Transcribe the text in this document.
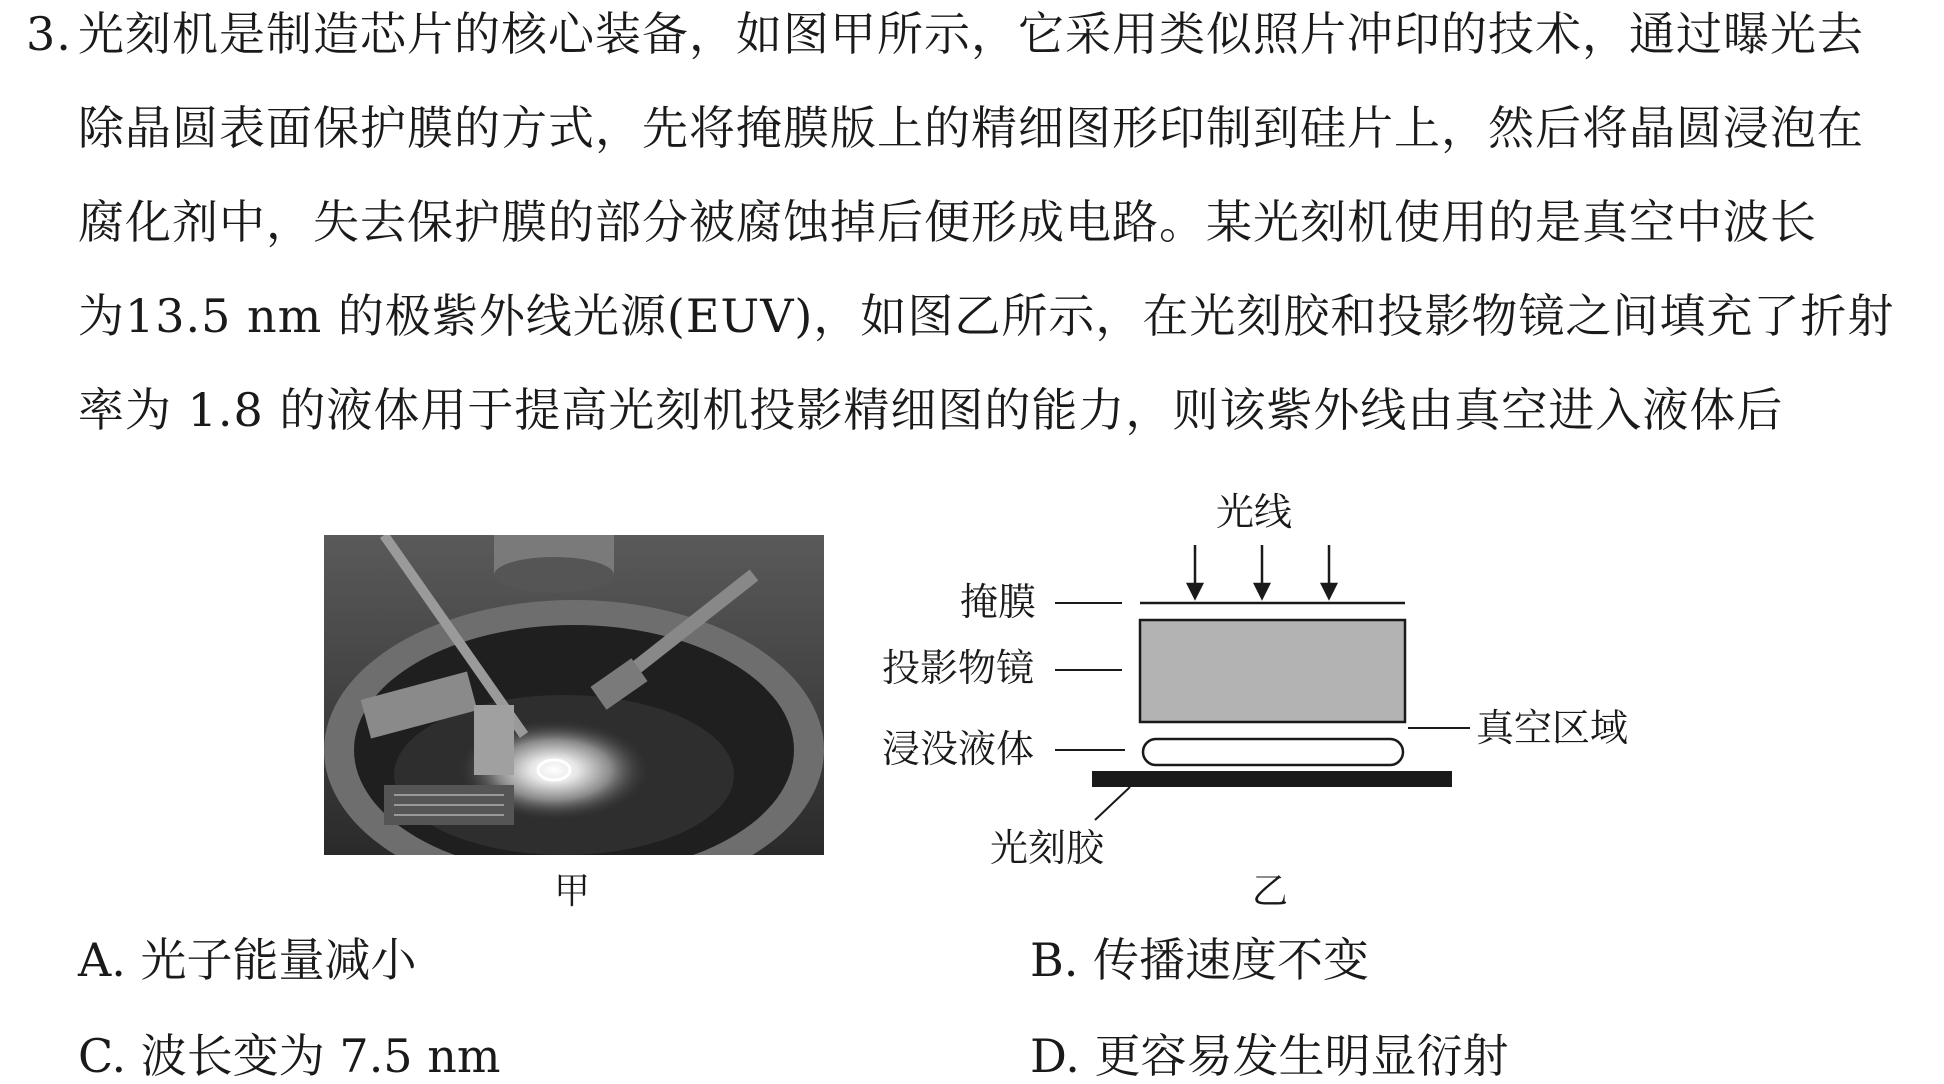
3. 光刻机是制造芯片的核心装备，如图甲所示，它采用类似照片冲印的技术，通过曝光去
除晶圆表面保护膜的方式，先将掩膜版上的精细图形印制到硅片上，然后将晶圆浸泡在
腐化剂中，失去保护膜的部分被腐蚀掉后便形成电路。某光刻机使用的是真空中波长
为13.5 nm 的极紫外线光源(EUV)，如图乙所示，在光刻胶和投影物镜之间填充了折射
率为 1.8 的液体用于提高光刻机投影精细图的能力，则该紫外线由真空进入液体后
甲
光线
掩膜
投影物镜
浸没液体	真空区域
光刻胶
乙
A. 光子能量减小	B. 传播速度不变
C. 波长变为 7.5 nm	D. 更容易发生明显衍射
